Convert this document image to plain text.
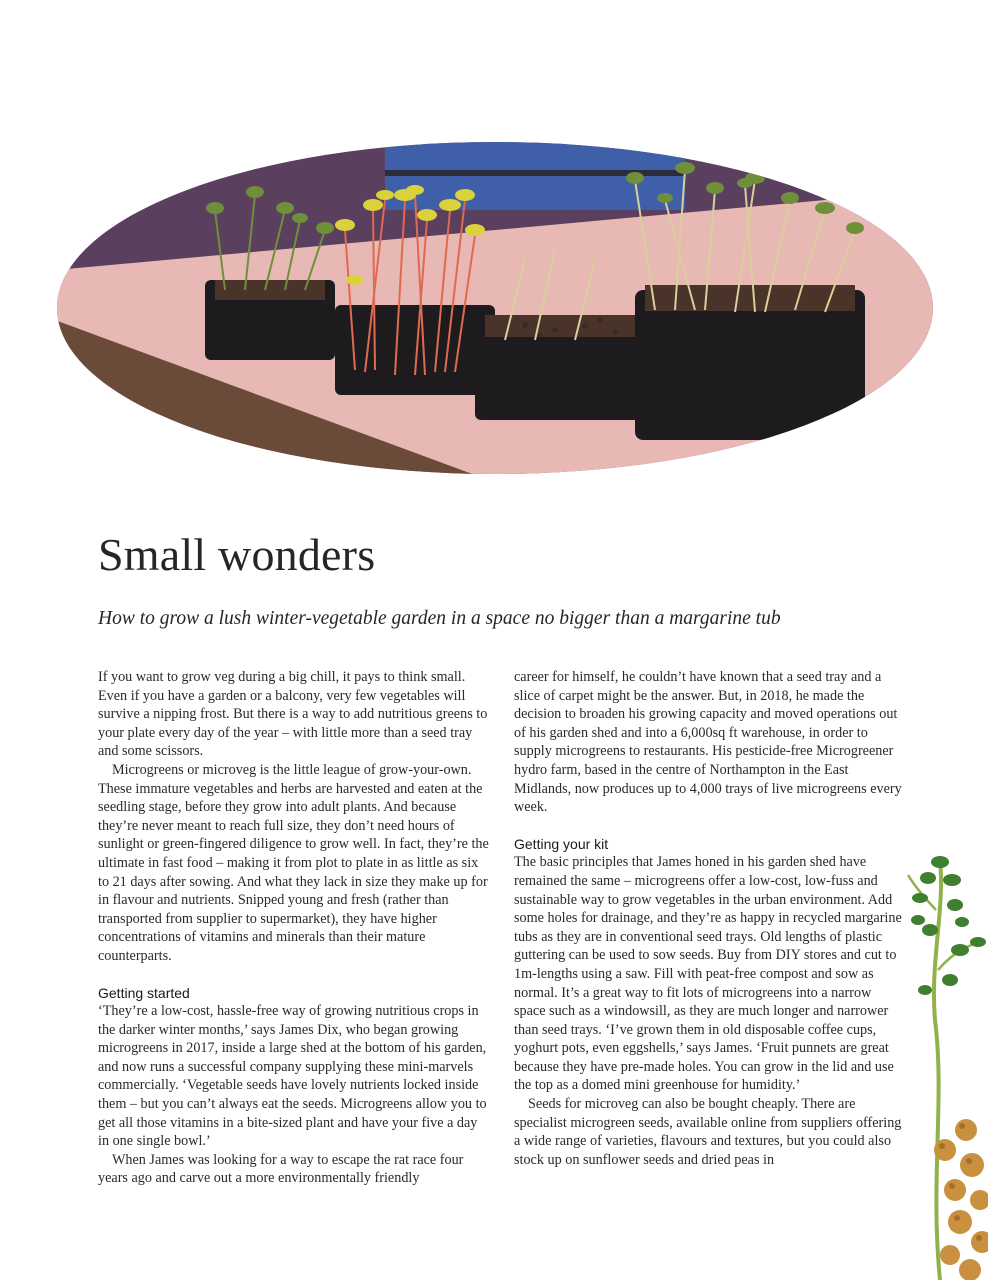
Small wonders

How to grow a lush winter-vegetable garden in a space no bigger than a margarine tub

If you want to grow veg during a big chill, it pays to think small. Even if you have a garden or a balcony, very few vegetables will survive a nipping frost. But there is a way to add nutritious greens to your plate every day of the year – with little more than a seed tray and some scissors.

Microgreens or microveg is the little league of grow-your-own. These immature vegetables and herbs are harvested and eaten at the seedling stage, before they grow into adult plants. And because they’re never meant to reach full size, they don’t need hours of sunlight or green-fingered diligence to grow well. In fact, they’re the ultimate in fast food – making it from plot to plate in as little as six to 21 days after sowing. And what they lack in size they make up for in flavour and nutrients. Snipped young and fresh (rather than transported from supplier to supermarket), they have higher concentrations of vitamins and minerals than their mature counterparts.

Getting started

‘They’re a low-cost, hassle-free way of growing nutritious crops in the darker winter months,’ says James Dix, who began growing microgreens in 2017, inside a large shed at the bottom of his garden, and now runs a successful company supplying these mini-marvels commercially. ‘Vegetable seeds have lovely nutrients locked inside them – but you can’t always eat the seeds. Microgreens allow you to get all those vitamins in a bite-sized plant and have your five a day in one single bowl.’

When James was looking for a way to escape the rat race four years ago and carve out a more environmentally friendly

career for himself, he couldn’t have known that a seed tray and a slice of carpet might be the answer. But, in 2018, he made the decision to broaden his growing capacity and moved operations out of his garden shed and into a 6,000sq ft warehouse, in order to supply microgreens to restaurants. His pesticide-free Microgreener hydro farm, based in the centre of Northampton in the East Midlands, now produces up to 4,000 trays of live microgreens every week.

Getting your kit

The basic principles that James honed in his garden shed have remained the same – microgreens offer a low-cost, low-fuss and sustainable way to grow vegetables in the urban environment. Add some holes for drainage, and they’re as happy in recycled margarine tubs as they are in conventional seed trays. Old lengths of plastic guttering can be used to sow seeds. Buy from DIY stores and cut to 1m-lengths using a saw. Fill with peat-free compost and sow as normal. It’s a great way to fit lots of microgreens into a narrow space such as a windowsill, as they are much longer and narrower than seed trays. ‘I’ve grown them in old disposable coffee cups, yoghurt pots, even eggshells,’ says James. ‘Fruit punnets are great because they have pre-made holes. You can grow in the lid and use the top as a domed mini greenhouse for humidity.’

Seeds for microveg can also be bought cheaply. There are specialist microgreen seeds, available online from suppliers offering a wide range of varieties, flavours and textures, but you could also stock up on sunflower seeds and dried peas in
